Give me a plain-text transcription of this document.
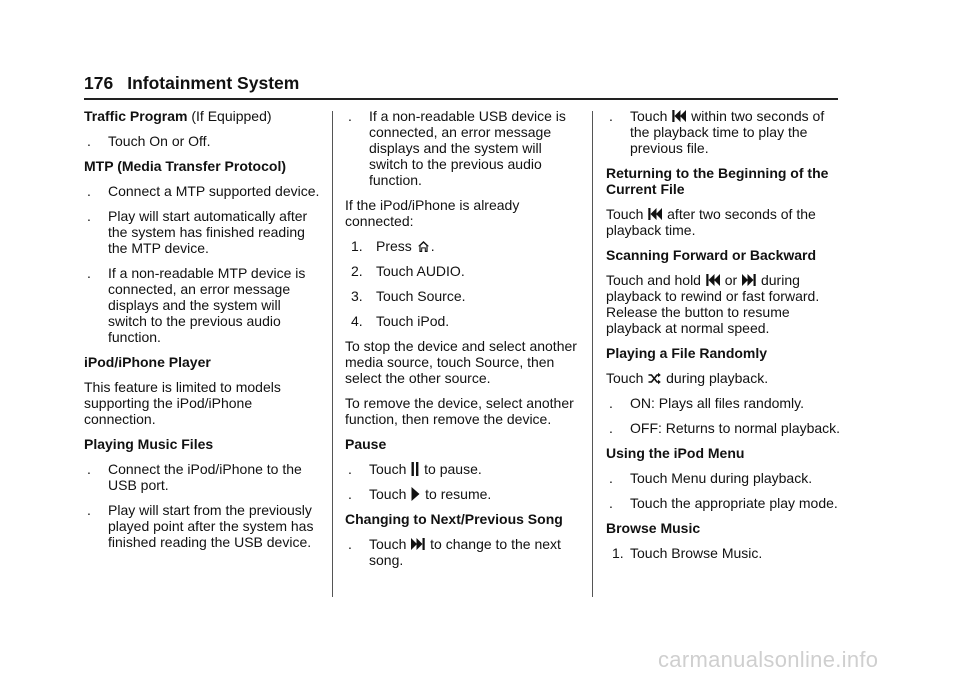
176 Infotainment System
Traffic Program (If Equipped)
. Touch On or Off.
MTP (Media Transfer Protocol)
. Connect a MTP supported device.
. Play will start automatically after the system has finished reading the MTP device.
. If a non-readable MTP device is connected, an error message displays and the system will switch to the previous audio function.
iPod/iPhone Player
This feature is limited to models supporting the iPod/iPhone connection.
Playing Music Files
. Connect the iPod/iPhone to the USB port.
. Play will start from the previously played point after the system has finished reading the USB device.
. If a non-readable USB device is connected, an error message displays and the system will switch to the previous audio function.
If the iPod/iPhone is already connected:
1. Press
.
2. Touch AUDIO.
3. Touch Source.
4. Touch iPod.
To stop the device and select another media source, touch Source, then select the other source.
To remove the device, select another function, then remove the device.
Pause
. Touch
to pause.
. Touch
to resume.
Changing to Next/Previous Song
. Touch
to change to the next song.
. Touch
within two seconds of the playback time to play the previous file.
Returning to the Beginning of the Current File
Touch
after two seconds of the playback time.
Scanning Forward or Backward
Touch and hold
or
during playback to rewind or fast forward. Release the button to resume playback at normal speed.
Playing a File Randomly
Touch
during playback.
. ON: Plays all files randomly.
. OFF: Returns to normal playback.
Using the iPod Menu
. Touch Menu during playback.
. Touch the appropriate play mode.
Browse Music
1. Touch Browse Music.
carmanualsonline.info
